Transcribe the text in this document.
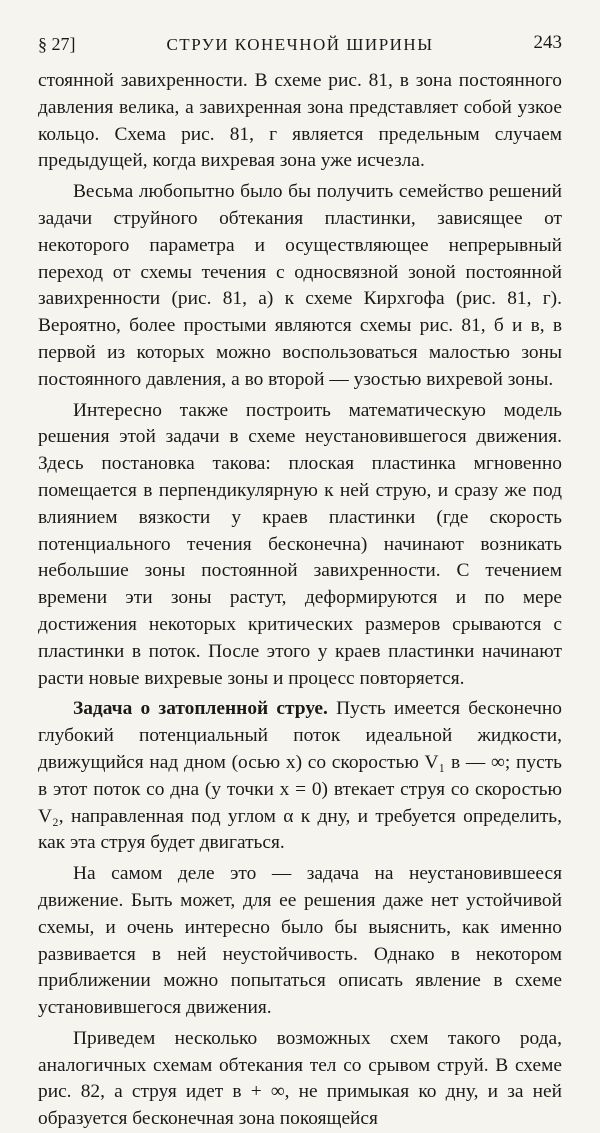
§ 27]	СТРУИ КОНЕЧНОЙ ШИРИНЫ	243

стоянной завихренности. В схеме рис. 81, в зона постоянного давления велика, а завихренная зона представляет собой узкое кольцо. Схема рис. 81, г является предельным случаем предыдущей, когда вихревая зона уже исчезла.

Весьма любопытно было бы получить семейство решений задачи струйного обтекания пластинки, зависящее от некоторого параметра и осуществляющее непрерывный переход от схемы течения с односвязной зоной постоянной завихренности (рис. 81, а) к схеме Кирхгофа (рис. 81, г). Вероятно, более простыми являются схемы рис. 81, б и в, в первой из которых можно воспользоваться малостью зоны постоянного давления, а во второй — узостью вихревой зоны.

Интересно также построить математическую модель решения этой задачи в схеме неустановившегося движения. Здесь постановка такова: плоская пластинка мгновенно помещается в перпендикулярную к ней струю, и сразу же под влиянием вязкости у краев пластинки (где скорость потенциального течения бесконечна) начинают возникать небольшие зоны постоянной завихренности. С течением времени эти зоны растут, деформируются и по мере достижения некоторых критических размеров срываются с пластинки в поток. После этого у краев пластинки начинают расти новые вихревые зоны и процесс повторяется.

Задача о затопленной струе. Пусть имеется бесконечно глубокий потенциальный поток идеальной жидкости, движущийся над дном (осью x) со скоростью V₁ в — ∞; пусть в этот поток со дна (у точки x = 0) втекает струя со скоростью V₂, направленная под углом α к дну, и требуется определить, как эта струя будет двигаться.

На самом деле это — задача на неустановившееся движение. Быть может, для ее решения даже нет устойчивой схемы, и очень интересно было бы выяснить, как именно развивается в ней неустойчивость. Однако в некотором приближении можно попытаться описать явление в схеме установившегося движения.

Приведем несколько возможных схем такого рода, аналогичных схемам обтекания тел со срывом струй. В схеме рис. 82, а струя идет в + ∞, не примыкая ко дну, и за ней образуется бесконечная зона покоящейся
